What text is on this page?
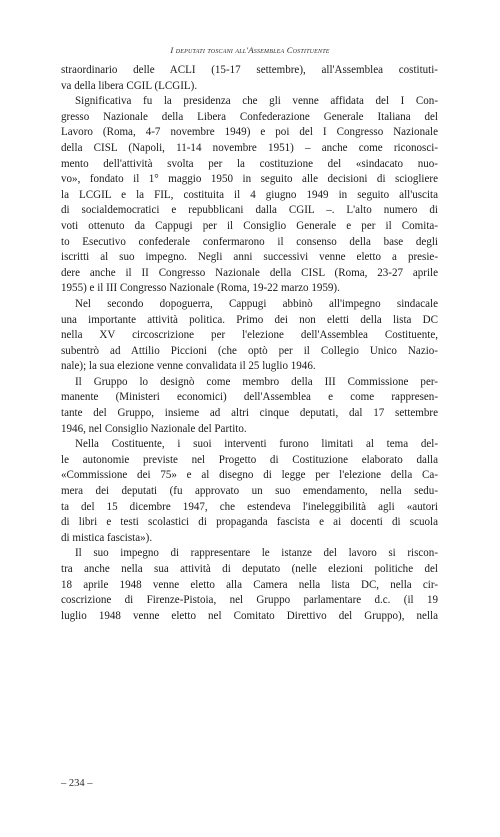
I deputati toscani all'Assemblea Costituente
straordinario delle ACLI (15-17 settembre), all'Assemblea costituti-
va della libera CGIL (LCGIL).
Significativa fu la presidenza che gli venne affidata del I Con-
gresso Nazionale della Libera Confederazione Generale Italiana del
Lavoro (Roma, 4-7 novembre 1949) e poi del I Congresso Nazionale
della CISL (Napoli, 11-14 novembre 1951) – anche come riconosci-
mento dell'attività svolta per la costituzione del «sindacato nuo-
vo», fondato il 1° maggio 1950 in seguito alle decisioni di sciogliere
la LCGIL e la FIL, costituita il 4 giugno 1949 in seguito all'uscita
di socialdemocratici e repubblicani dalla CGIL –. L'alto numero di
voti ottenuto da Cappugi per il Consiglio Generale e per il Comita-
to Esecutivo confederale confermarono il consenso della base degli
iscritti al suo impegno. Negli anni successivi venne eletto a presie-
dere anche il II Congresso Nazionale della CISL (Roma, 23-27 aprile
1955) e il III Congresso Nazionale (Roma, 19-22 marzo 1959).
Nel secondo dopoguerra, Cappugi abbinò all'impegno sindacale
una importante attività politica. Primo dei non eletti della lista DC
nella XV circoscrizione per l'elezione dell'Assemblea Costituente,
subentrò ad Attilio Piccioni (che optò per il Collegio Unico Nazio-
nale); la sua elezione venne convalidata il 25 luglio 1946.
Il Gruppo lo designò come membro della III Commissione per-
manente (Ministeri economici) dell'Assemblea e come rappresen-
tante del Gruppo, insieme ad altri cinque deputati, dal 17 settembre
1946, nel Consiglio Nazionale del Partito.
Nella Costituente, i suoi interventi furono limitati al tema del-
le autonomie previste nel Progetto di Costituzione elaborato dalla
«Commissione dei 75» e al disegno di legge per l'elezione della Ca-
mera dei deputati (fu approvato un suo emendamento, nella sedu-
ta del 15 dicembre 1947, che estendeva l'ineleggibilità agli «autori
di libri e testi scolastici di propaganda fascista e ai docenti di scuola
di mistica fascista»).
Il suo impegno di rappresentare le istanze del lavoro si riscon-
tra anche nella sua attività di deputato (nelle elezioni politiche del
18 aprile 1948 venne eletto alla Camera nella lista DC, nella cir-
coscrizione di Firenze-Pistoia, nel Gruppo parlamentare d.c. (il 19
luglio 1948 venne eletto nel Comitato Direttivo del Gruppo), nella
– 234 –
